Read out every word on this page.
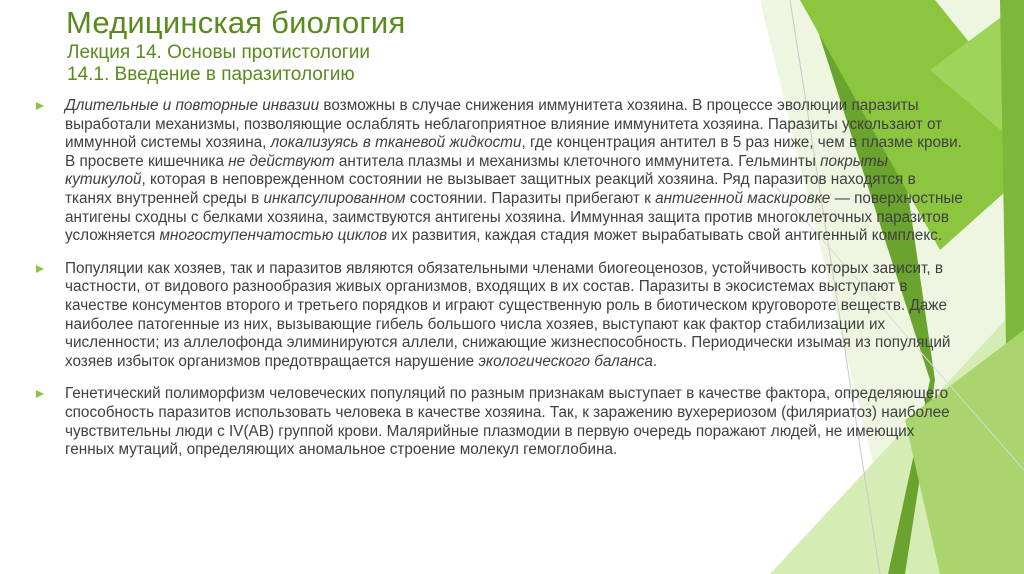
Медицинская биология
Лекция 14. Основы протистологии
14.1. Введение в паразитологию
Длительные и повторные инвазии возможны в случае снижения иммунитета хозяина. В процессе эволюции паразиты выработали механизмы, позволяющие ослаблять неблагоприятное влияние иммунитета хозяина. Паразиты ускользают от иммунной системы хозяина, локализуясь в тканевой жидкости, где концентрация антител в 5 раз ниже, чем в плазме крови. В просвете кишечника не действуют антитела плазмы и механизмы клеточного иммунитета. Гельминты покрыты кутикулой, которая в неповрежденном состоянии не вызывает защитных реакций хозяина. Ряд паразитов находятся в тканях внутренней среды в инкапсулированном состоянии. Паразиты прибегают к антигенной маскировке — поверхностные антигены сходны с белками хозяина, заимствуются антигены хозяина. Иммунная защита против многоклеточных паразитов усложняется многоступенчатостью циклов их развития, каждая стадия может вырабатывать свой антигенный комплекс.
Популяции как хозяев, так и паразитов являются обязательными членами биогеоценозов, устойчивость которых зависит, в частности, от видового разнообразия живых организмов, входящих в их состав. Паразиты в экосистемах выступают в качестве консументов второго и третьего порядков и играют существенную роль в биотическом круговороте веществ. Даже наиболее патогенные из них, вызывающие гибель большого числа хозяев, выступают как фактор стабилизации их численности; из аллелофонда элиминируются аллели, снижающие жизнеспособность. Периодически изымая из популяций хозяев избыток организмов предотвращается нарушение экологического баланса.
Генетический полиморфизм человеческих популяций по разным признакам выступает в качестве фактора, определяющего способность паразитов использовать человека в качестве хозяина. Так, к заражению вухерериозом (филяриатоз) наиболее чувствительны люди с IV(AB) группой крови. Малярийные плазмодии в первую очередь поражают людей, не имеющих генных мутаций, определяющих аномальное строение молекул гемоглобина.
